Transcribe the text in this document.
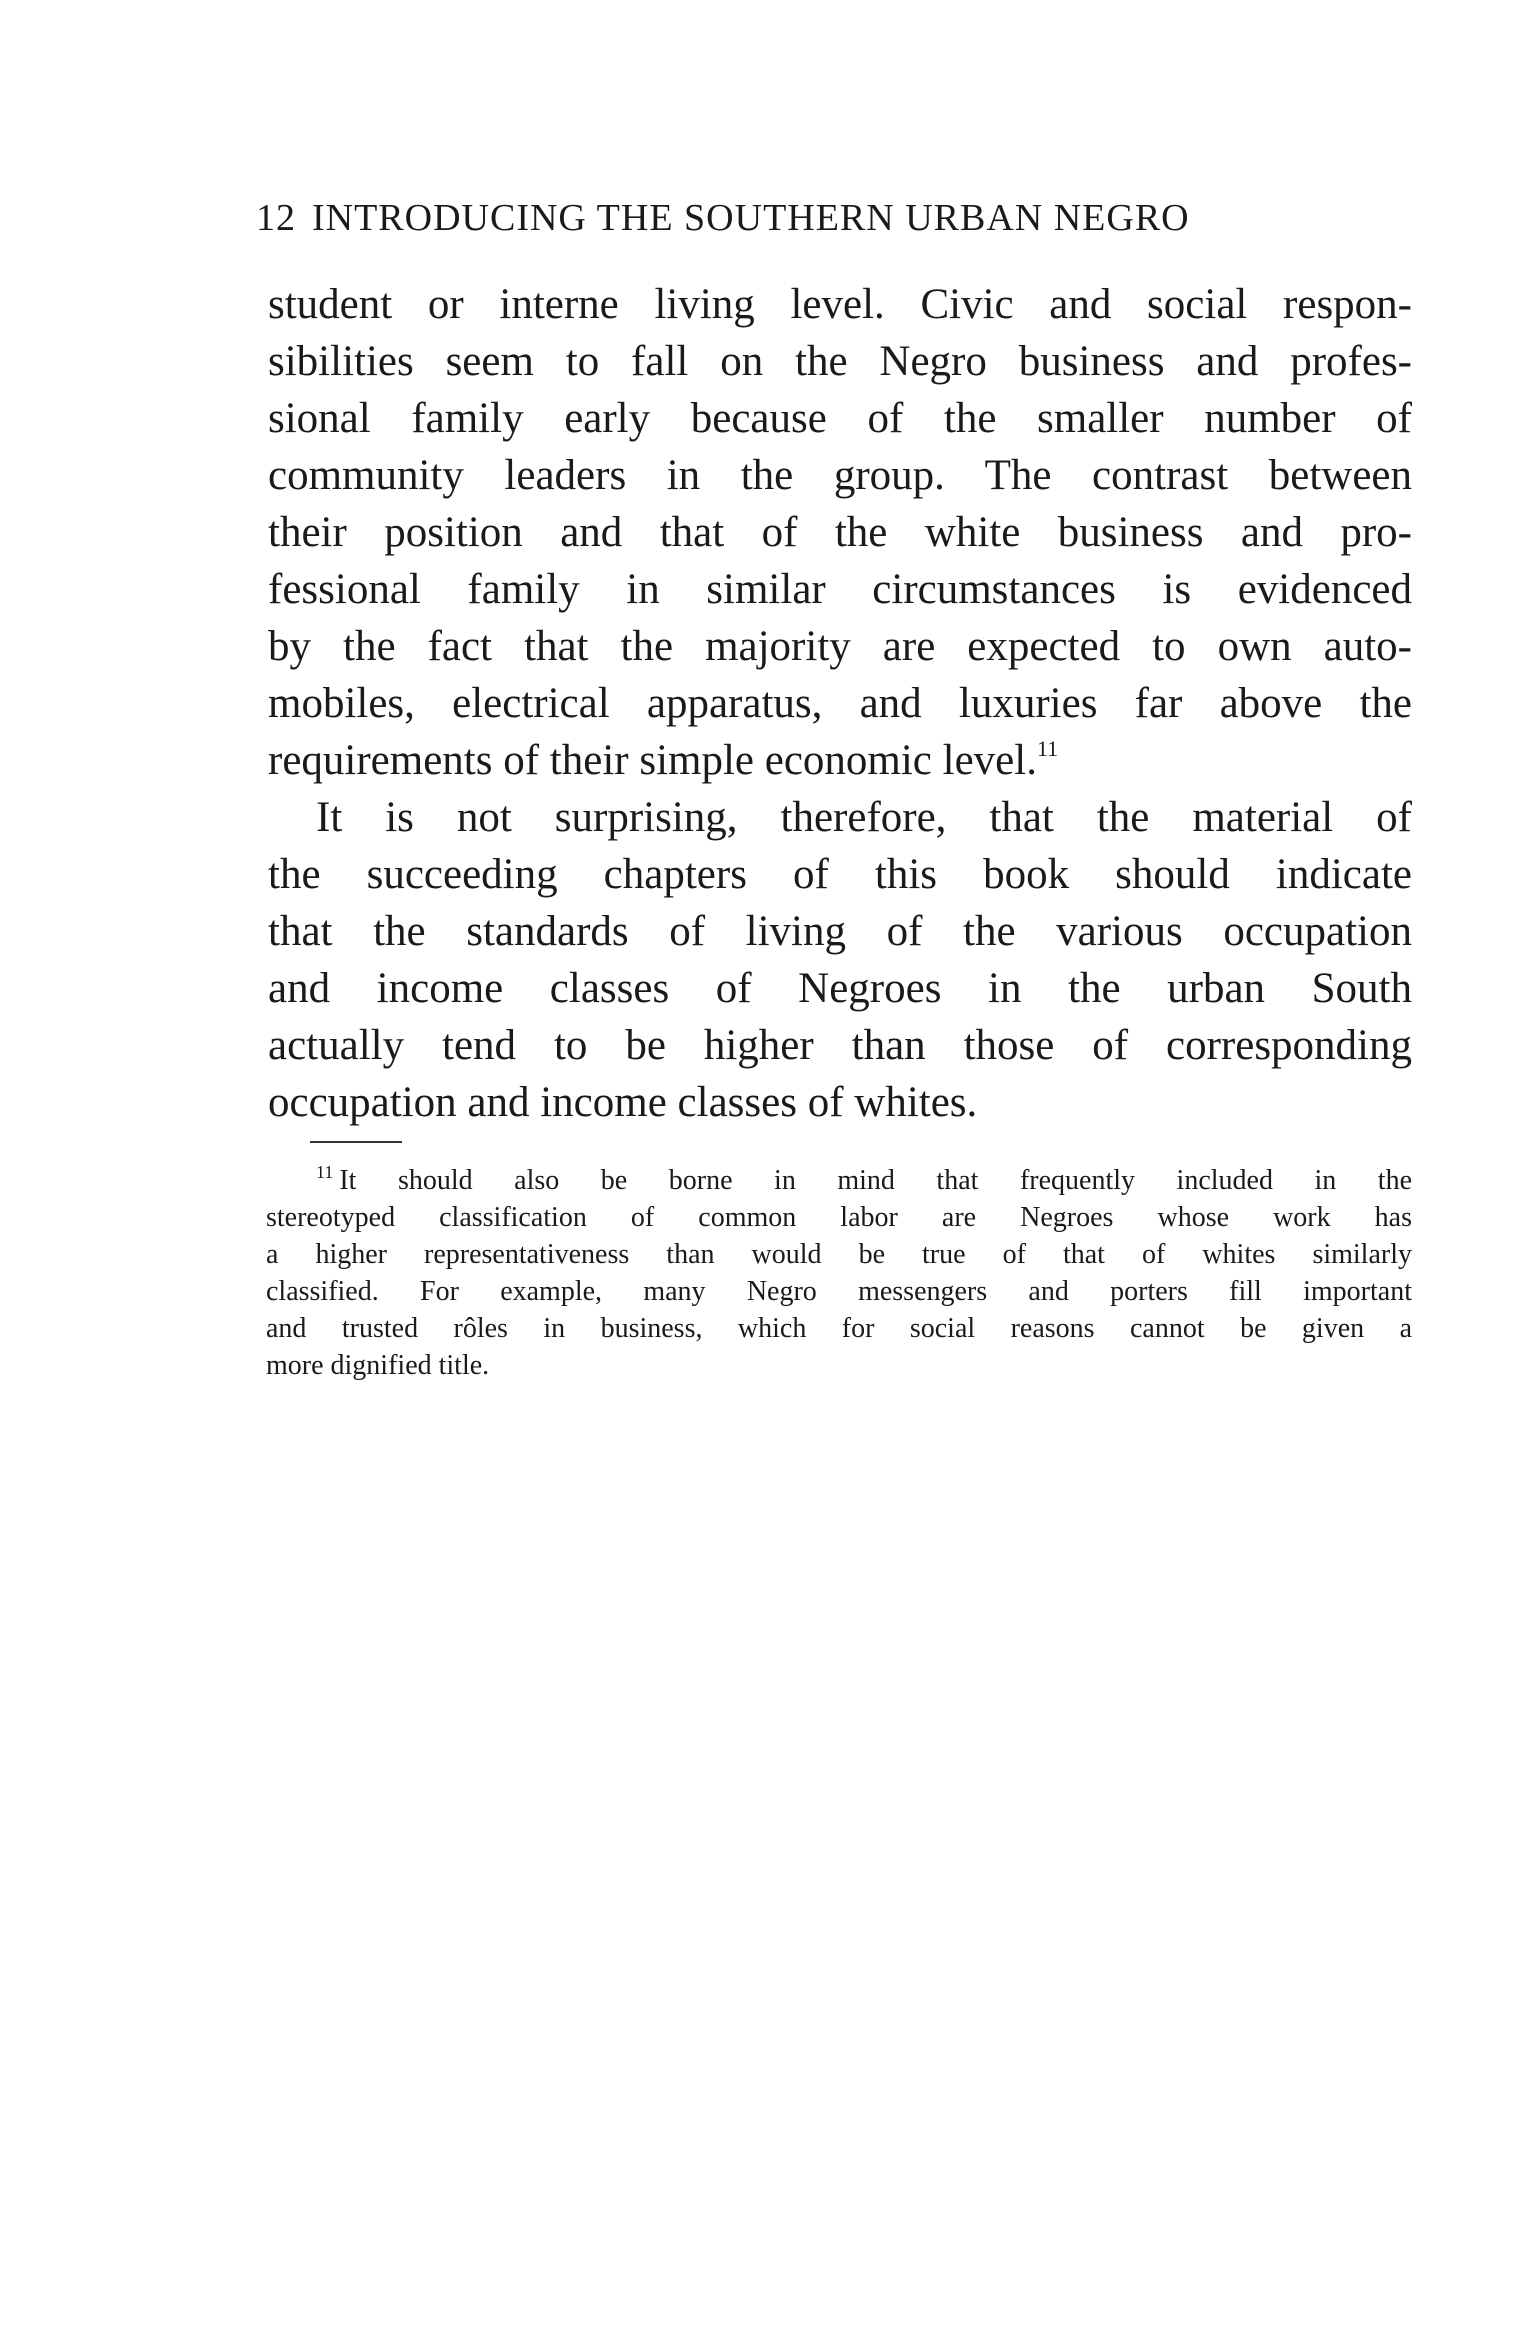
12 INTRODUCING THE SOUTHERN URBAN NEGRO
student or interne living level. Civic and social respon-
sibilities seem to fall on the Negro business and profes-
sional family early because of the smaller number of
community leaders in the group. The contrast between
their position and that of the white business and pro-
fessional family in similar circumstances is evidenced
by the fact that the majority are expected to own auto-
mobiles, electrical apparatus, and luxuries far above the
requirements of their simple economic level.$^{11}$
It is not surprising, therefore, that the material of
the succeeding chapters of this book should indicate
that the standards of living of the various occupation
and income classes of Negroes in the urban South
actually tend to be higher than those of corresponding
occupation and income classes of whites.
$^{11}$ It should also be borne in mind that frequently included in the
stereotyped classification of common labor are Negroes whose work has
a higher representativeness than would be true of that of whites similarly
classified. For example, many Negro messengers and porters fill important
and trusted rôles in business, which for social reasons cannot be given a
more dignified title.
